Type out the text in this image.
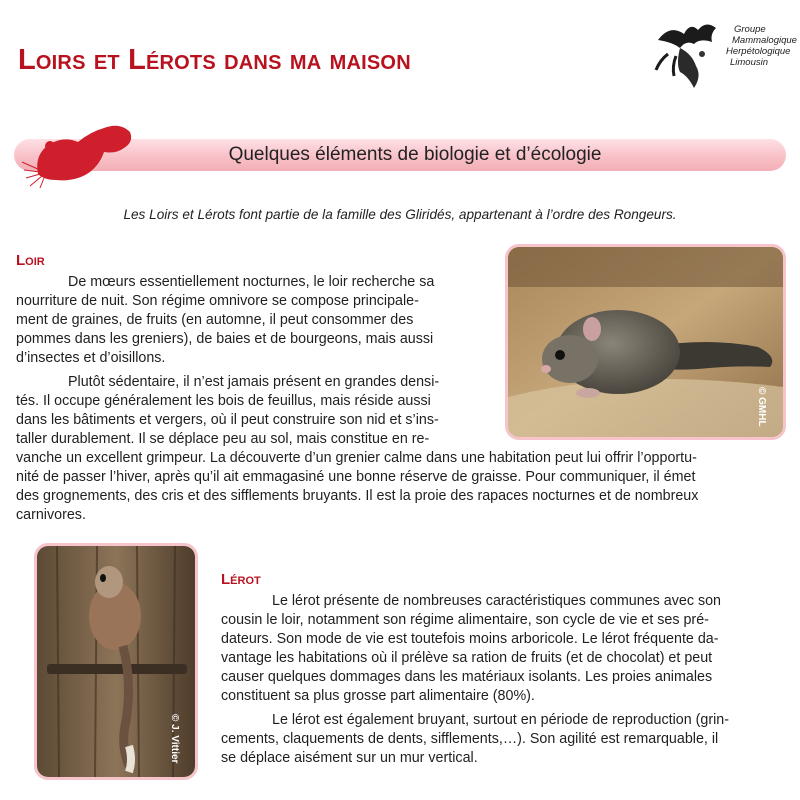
Loirs et Lérots dans ma maison
Groupe
Mammalogique
Herpétologique
Limousin
Quelques éléments de biologie et d’écologie
Les Loirs et Lérots font partie de la famille des Gliridés, appartenant à l’ordre des Rongeurs.
Loir
De mœurs essentiellement nocturnes, le loir recherche sa
nourriture de nuit. Son régime omnivore se compose principale-
ment de graines, de fruits (en automne, il peut consommer des
pommes dans les greniers), de baies et de bourgeons, mais aussi
d’insectes et d’oisillons.
Plutôt sédentaire, il n’est jamais présent en grandes densi-
tés. Il occupe généralement les bois de feuillus, mais réside aussi
dans les bâtiments et vergers, où il peut construire son nid et s’ins-
taller durablement. Il se déplace peu au sol, mais constitue en re-
vanche un excellent grimpeur. La découverte d’un grenier calme dans une habitation peut lui offrir l’opportu-
nité de passer l’hiver, après qu’il ait emmagasiné une bonne réserve de graisse. Pour communiquer, il émet
des grognements, des cris et des sifflements bruyants. Il est la proie des rapaces nocturnes et de nombreux
carnivores.
© GMHL
© J. Vittier
Lérot
Le lérot présente de nombreuses caractéristiques communes avec son
cousin le loir, notamment son régime alimentaire, son cycle de vie et ses pré-
dateurs. Son mode de vie est toutefois moins arboricole. Le lérot fréquente da-
vantage les habitations où il prélève sa ration de fruits (et de chocolat) et peut
causer quelques dommages dans les matériaux isolants. Les proies animales
constituent sa plus grosse part alimentaire (80%).
Le lérot est également bruyant, surtout en période de reproduction (grin-
cements, claquements de dents, sifflements,…). Son agilité est remarquable, il
se déplace aisément sur un mur vertical.
